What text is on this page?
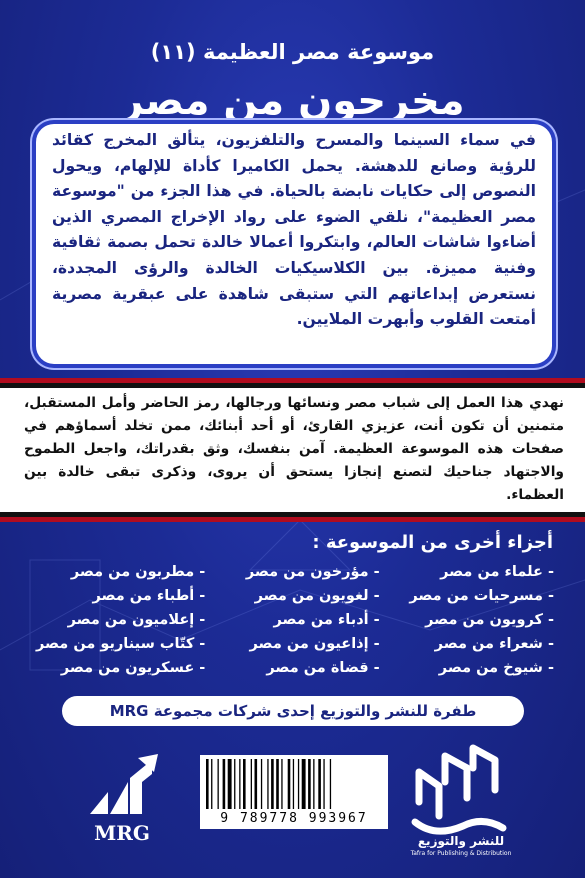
موسوعة مصر العظيمة (١١)
مخرجون من مصر
في سماء السينما والمسرح والتلفزيون، يتألق المخرج كقائد للرؤية وصانع للدهشة. يحمل الكاميرا كأداة للإلهام، ويحول النصوص إلى حكايات نابضة بالحياة. في هذا الجزء من "موسوعة مصر العظيمة"، نلقي الضوء على رواد الإخراج المصري الذين أضاءوا شاشات العالم، وابتكروا أعمالا خالدة تحمل بصمة ثقافية وفنية مميزة. بين الكلاسيكيات الخالدة والرؤى المجددة، نستعرض إبداعاتهم التي ستبقى شاهدة على عبقرية مصرية أمتعت القلوب وأبهرت الملايين.
نهدي هذا العمل إلى شباب مصر ونسائها ورجالها، رمز الحاضر وأمل المستقبل، متمنين أن تكون أنت، عزيزي القارئ، أو أحد أبنائك، ممن تخلد أسماؤهم في صفحات هذه الموسوعة العظيمة. آمن بنفسك، وثق بقدراتك، واجعل الطموح والاجتهاد جناحيك لتصنع إنجازا يستحق أن يروى، وذكرى تبقى خالدة بين العظماء.
أجزاء أخرى من الموسوعة :
- علماء من مصر
- مؤرخون من مصر
- مطربون من مصر
- مسرحيات من مصر
- لغويون من مصر
- أطباء من مصر
- كرويون من مصر
- أدباء من مصر
- إعلاميون من مصر
- شعراء من مصر
- إذاعيون من مصر
- كتّاب سيناريو من مصر
- شيوخ من مصر
- قضاة من مصر
- عسكريون من مصر
طفرة للنشر والتوزيع إحدى شركات مجموعة MRG
MRG
9 789778 993967
للنشر والتوزيع
Tafra for Publishing & Distribution
